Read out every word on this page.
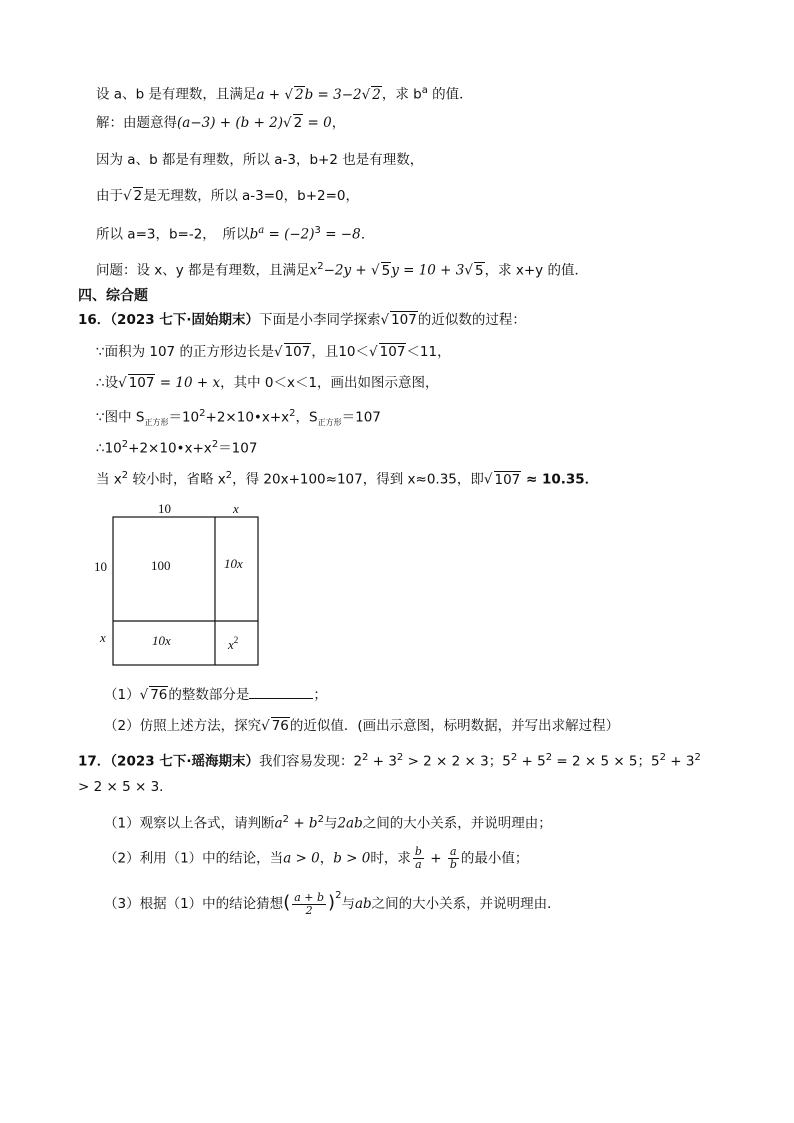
设 a、b 是有理数，且满足a + √ 2b = 3−2√ 2，求 $b^a$ 的值．
解：由题意得(a−3) + (b + 2)√ 2 = 0，
因为 a、b 都是有理数，所以 a-3，b+2 也是有理数，
由于√ 2是无理数，所以 a-3=0，b+2=0，
所以 a=3，b=-2，　所以$b^a = (-2)^3 = -8$．
问题：设 x、y 都是有理数，且满足$x^2-2y$ + √ 5y = 10 + 3√ 5，求 x+y 的值．
四、综合题
16．（2023 七下·固始期末）下面是小李同学探索√ 107的近似数的过程：
∵面积为 107 的正方形边长是√ 107，且10＜√ 107＜11，
∴设√ 107 = 10 + x，其中 0＜x＜1，画出如图示意图，
∵图中 $S_{正方形}=10^2+2\times 10•x+x^2$，$S_{正方形}=107$
$\therefore 10^2+2\times 10•x+x^2=107$
当 $x^2$ 较小时，省略 $x^2$，得 20x+100≈107，得到 x≈0.35，即√ 107 ≈ 10.35．
10	x
10
x
100	10x
10x	$x^2$
（1）√ 76的整数部分是	；
（2）仿照上述方法，探究√ 76的近似值．(画出示意图，标明数据，并写出求解过程）
17．（2023 七下·瑶海期末）我们容易发现：$2^2 + 3^2 > 2 \times 2 \times 3$；$5^2 + 5^2 = 2 \times 5 \times 5$；$5^2 + 3^2$
> 2 × 5 × 3．
（1）观察以上各式，请判断$a^2 + b^2$与2ab之间的大小关系，并说明理由；
（2）利用（1）中的结论，当a > 0，b > 0时，求 $\frac{b}{a} + \frac{a}{b}$ 的最小值；
（3）根据（1）中的结论猜想( $\frac{a + b}{2} )^2$与ab之间的大小关系，并说明理由．
